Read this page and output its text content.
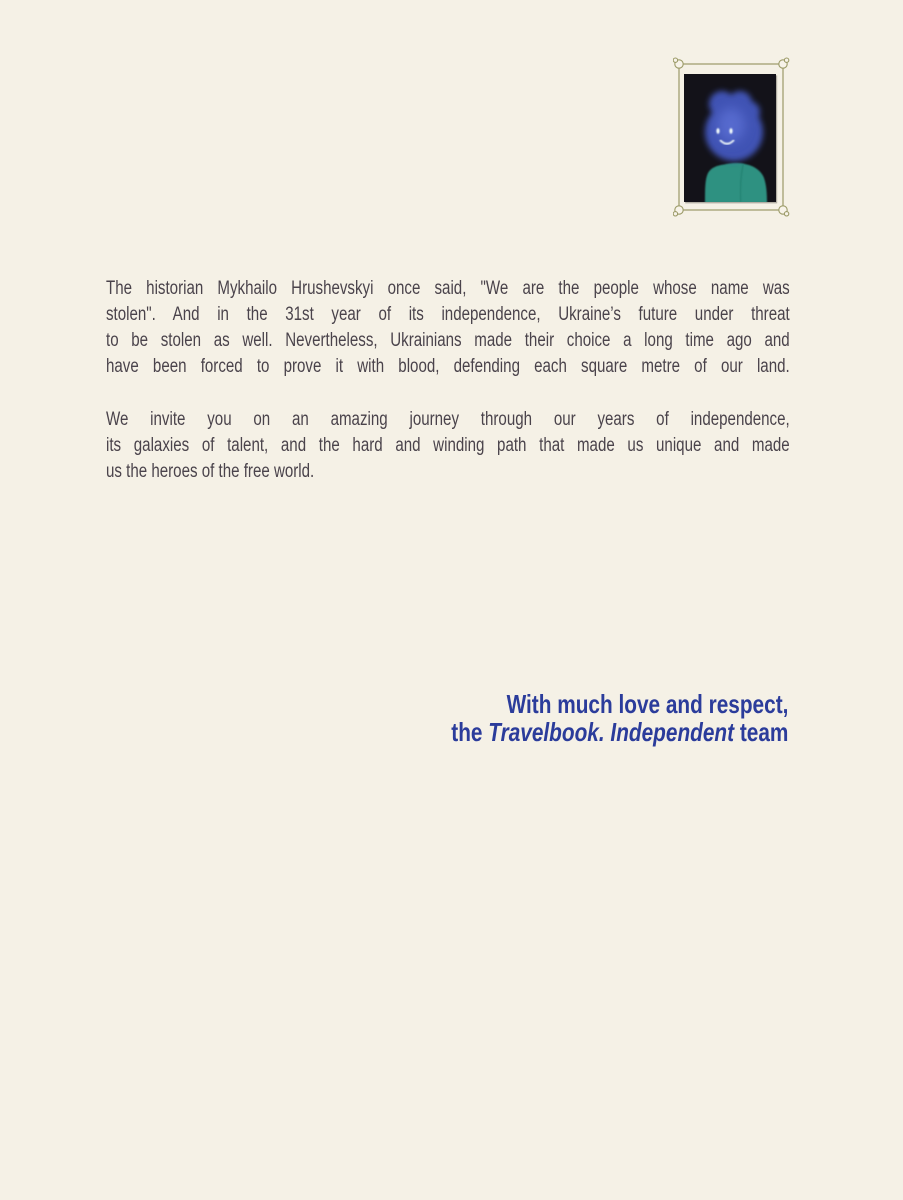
The historian Mykhailo Hrushevskyi once said, "We are the people whose name was
stolen". And in the 31st year of its independence, Ukraine’s future under threat
to be stolen as well. Nevertheless, Ukrainians made their choice a long time ago and
have been forced to prove it with blood, defending each square metre of our land.
We invite you on an amazing journey through our years of independence,
its galaxies of talent, and the hard and winding path that made us unique and made
us the heroes of the free world.
With much love and respect,
the Travelbook. Independent team
